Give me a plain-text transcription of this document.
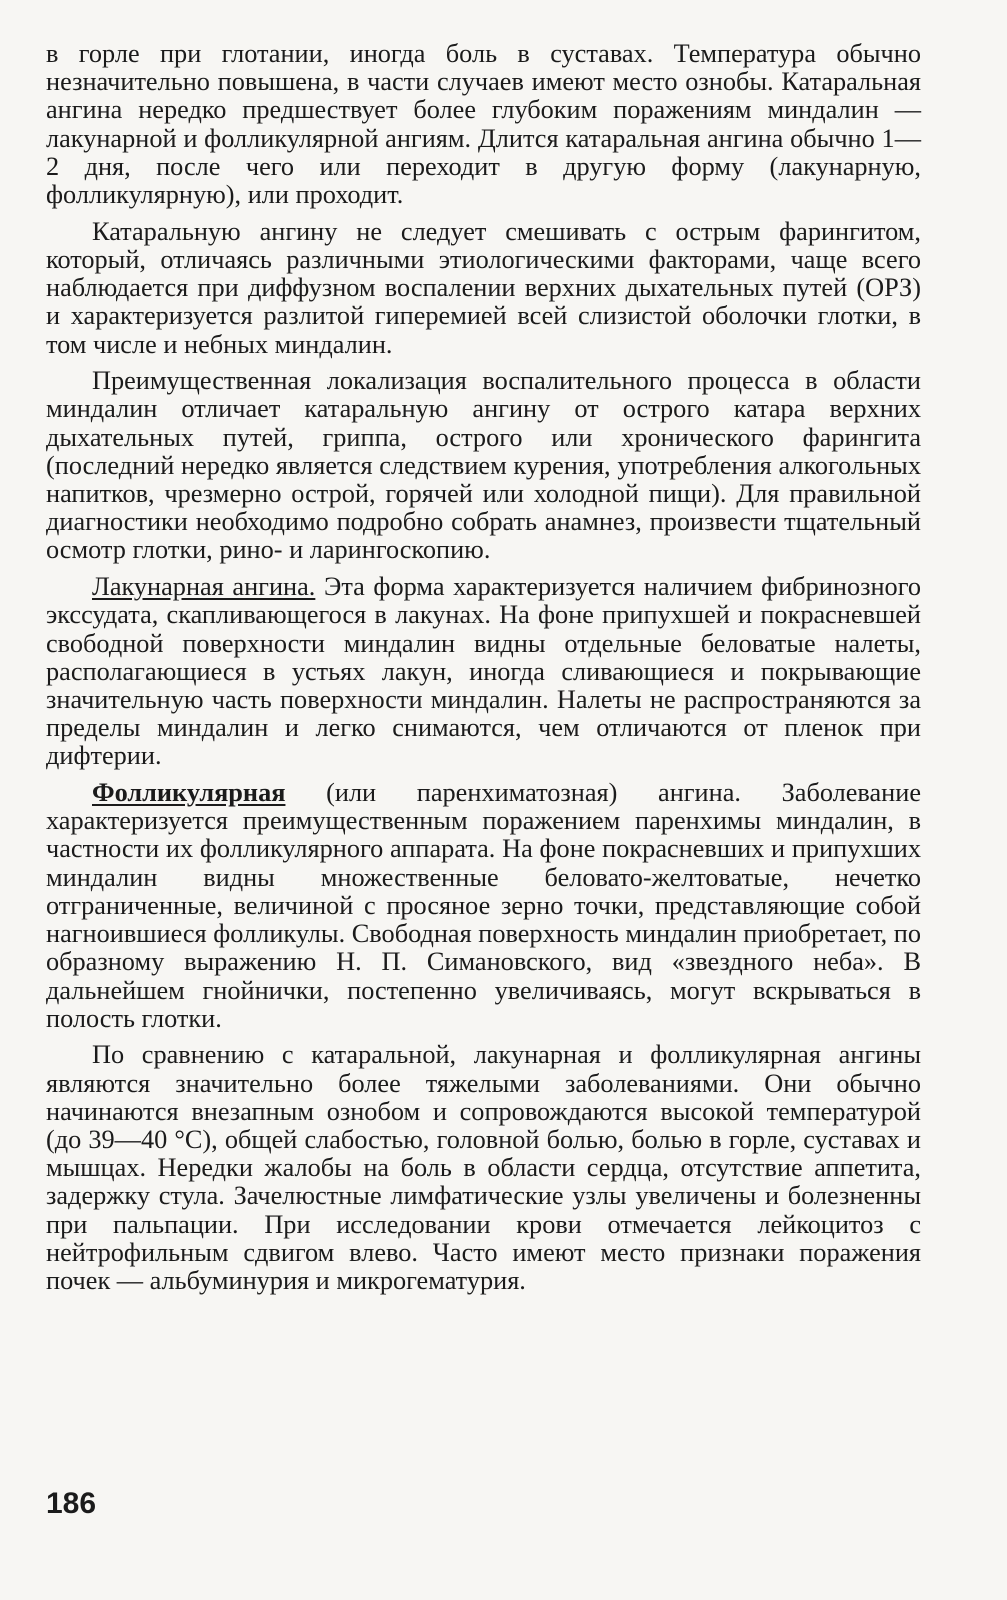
в горле при глотании, иногда боль в суставах. Температура обычно незначительно повышена, в части случаев имеют место ознобы. Катаральная ангина нередко предшествует более глубоким поражениям миндалин — лакунарной и фолликулярной ангиям. Длится катаральная ангина обычно 1—2 дня, после чего или переходит в другую форму (лакунарную, фолликулярную), или проходит.

Катаральную ангину не следует смешивать с острым фарингитом, который, отличаясь различными этиологическими факторами, чаще всего наблюдается при диффузном воспалении верхних дыхательных путей (ОРЗ) и характеризуется разлитой гиперемией всей слизистой оболочки глотки, в том числе и небных миндалин.

Преимущественная локализация воспалительного процесса в области миндалин отличает катаральную ангину от острого катара верхних дыхательных путей, гриппа, острого или хронического фарингита (последний нередко является следствием курения, употребления алкогольных напитков, чрезмерно острой, горячей или холодной пищи). Для правильной диагностики необходимо подробно собрать анамнез, произвести тщательный осмотр глотки, рино- и ларингоскопию.

Лакунарная ангина. Эта форма характеризуется наличием фибринозного экссудата, скапливающегося в лакунах. На фоне припухшей и покрасневшей свободной поверхности миндалин видны отдельные беловатые налеты, располагающиеся в устьях лакун, иногда сливающиеся и покрывающие значительную часть поверхности миндалин. Налеты не распространяются за пределы миндалин и легко снимаются, чем отличаются от пленок при дифтерии.

Фолликулярная (или паренхиматозная) ангина. Заболевание характеризуется преимущественным поражением паренхимы миндалин, в частности их фолликулярного аппарата. На фоне покрасневших и припухших миндалин видны множественные беловато-желтоватые, нечетко отграниченные, величиной с просяное зерно точки, представляющие собой нагноившиеся фолликулы. Свободная поверхность миндалин приобретает, по образному выражению Н. П. Симановского, вид «звездного неба». В дальнейшем гнойнички, постепенно увеличиваясь, могут вскрываться в полость глотки.

По сравнению с катаральной, лакунарная и фолликулярная ангины являются значительно более тяжелыми заболеваниями. Они обычно начинаются внезапным ознобом и сопровождаются высокой температурой (до 39—40 °С), общей слабостью, головной болью, болью в горле, суставах и мышцах. Нередки жалобы на боль в области сердца, отсутствие аппетита, задержку стула. Зачелюстные лимфатические узлы увеличены и болезненны при пальпации. При исследовании крови отмечается лейкоцитоз с нейтрофильным сдвигом влево. Часто имеют место признаки поражения почек — альбуминурия и микрогематурия.

186
